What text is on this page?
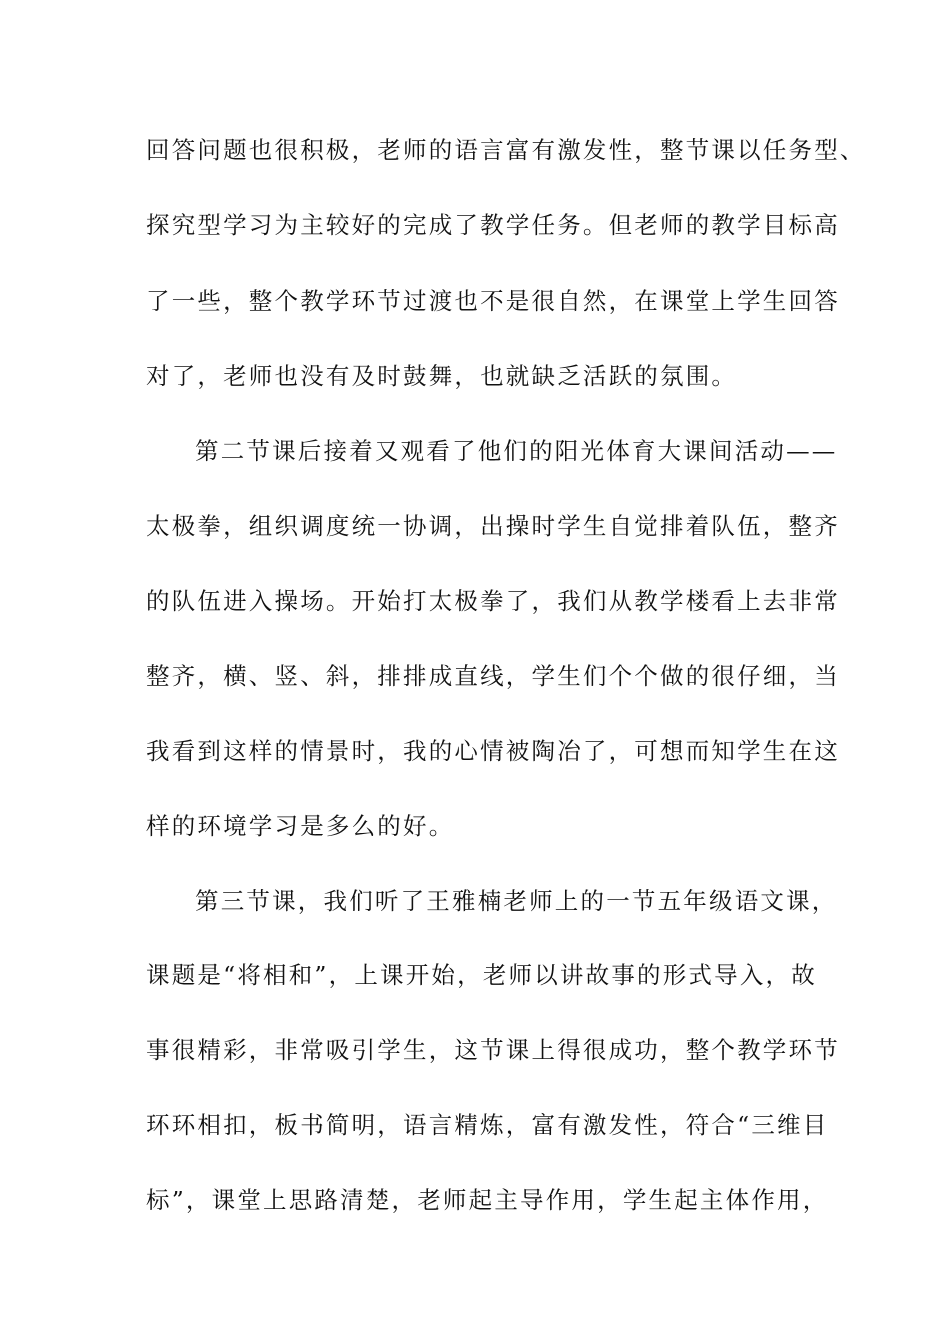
回答问题也很积极，老师的语言富有激发性，整节课以任务型、
探究型学习为主较好的完成了教学任务。但老师的教学目标高
了一些，整个教学环节过渡也不是很自然，在课堂上学生回答
对了，老师也没有及时鼓舞，也就缺乏活跃的氛围。
第二节课后接着又观看了他们的阳光体育大课间活动——
太极拳，组织调度统一协调，出操时学生自觉排着队伍，整齐
的队伍进入操场。开始打太极拳了，我们从教学楼看上去非常
整齐，横、竖、斜，排排成直线，学生们个个做的很仔细，当
我看到这样的情景时，我的心情被陶冶了，可想而知学生在这
样的环境学习是多么的好。
第三节课，我们听了王雅楠老师上的一节五年级语文课，
课题是“将相和”，上课开始，老师以讲故事的形式导入，故
事很精彩，非常吸引学生，这节课上得很成功，整个教学环节
环环相扣，板书简明，语言精炼，富有激发性，符合“三维目
标”，课堂上思路清楚，老师起主导作用，学生起主体作用，
